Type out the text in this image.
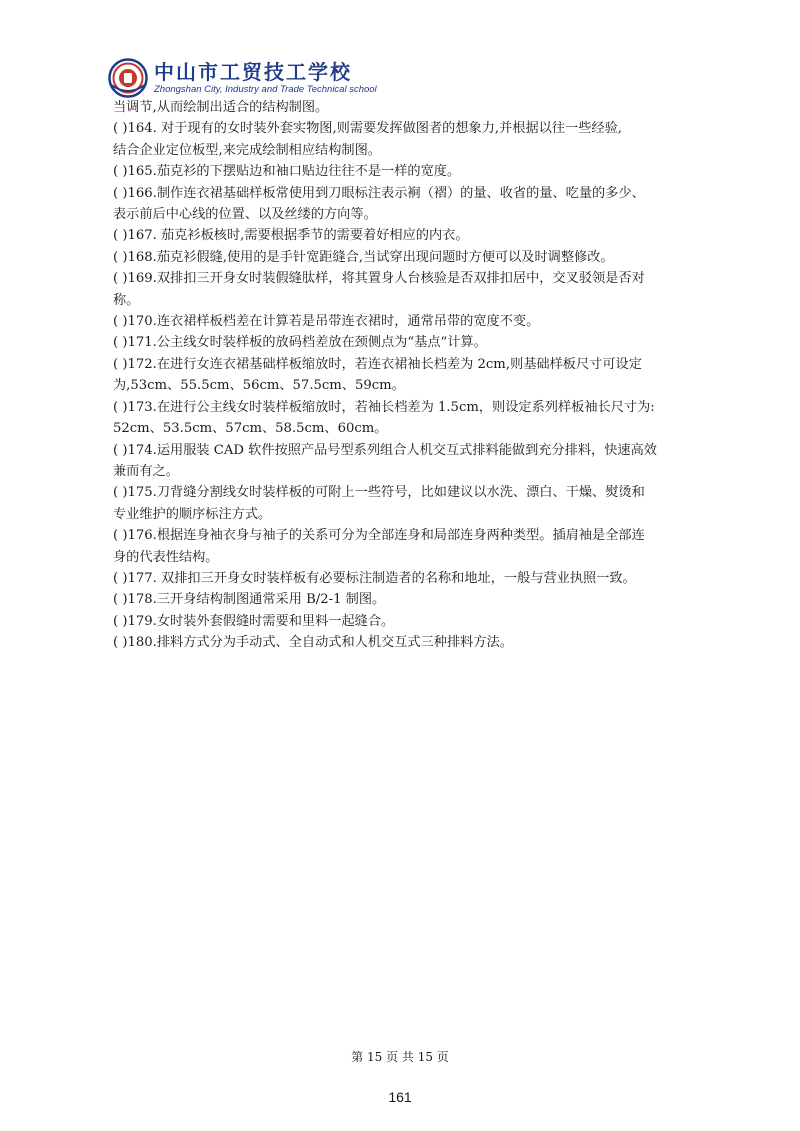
中山市工贸技工学校
Zhongshan City, Industry and Trade Technical school
当调节,从而绘制出适合的结构制图。
( )164. 对于现有的女时装外套实物图,则需要发挥做图者的想象力,并根据以往一些经验,
结合企业定位板型,来完成绘制相应结构制图。
( )165.茄克衫的下摆贴边和袖口贴边往往不是一样的宽度。
( )166.制作连衣裙基础样板常使用到刀眼标注表示裥（褶）的量、收省的量、吃量的多少、
表示前后中心线的位置、以及丝缕的方向等。
( )167. 茄克衫板核时,需要根据季节的需要着好相应的内衣。
( )168.茄克衫假缝,使用的是手针宽距缝合,当试穿出现问题时方便可以及时调整修改。
( )169.双排扣三开身女时装假缝肽样，将其置身人台核验是否双排扣居中，交叉驳领是否对
称。
( )170.连衣裙样板档差在计算若是吊带连衣裙时，通常吊带的宽度不变。
( )171.公主线女时装样板的放码档差放在颈侧点为“基点”计算。
( )172.在进行女连衣裙基础样板缩放时，若连衣裙袖长档差为 2cm,则基础样板尺寸可设定
为,53cm、55.5cm、56cm、57.5cm、59cm。
( )173.在进行公主线女时装样板缩放时，若袖长档差为 1.5cm，则设定系列样板袖长尺寸为:
52cm、53.5cm、57cm、58.5cm、60cm。
( )174.运用服装 CAD 软件按照产品号型系列组合人机交互式排料能做到充分排料，快速高效
兼而有之。
( )175.刀背缝分割线女时装样板的可附上一些符号，比如建议以水洗、漂白、干燥、熨烫和
专业维护的顺序标注方式。
( )176.根据连身袖衣身与袖子的关系可分为全部连身和局部连身两种类型。插肩袖是全部连
身的代表性结构。
( )177. 双排扣三开身女时装样板有必要标注制造者的名称和地址，一般与营业执照一致。
( )178.三开身结构制图通常采用 B/2-1 制图。
( )179.女时装外套假缝时需要和里料一起缝合。
( )180.排料方式分为手动式、全自动式和人机交互式三种排料方法。
第 15 页 共 15 页
161
